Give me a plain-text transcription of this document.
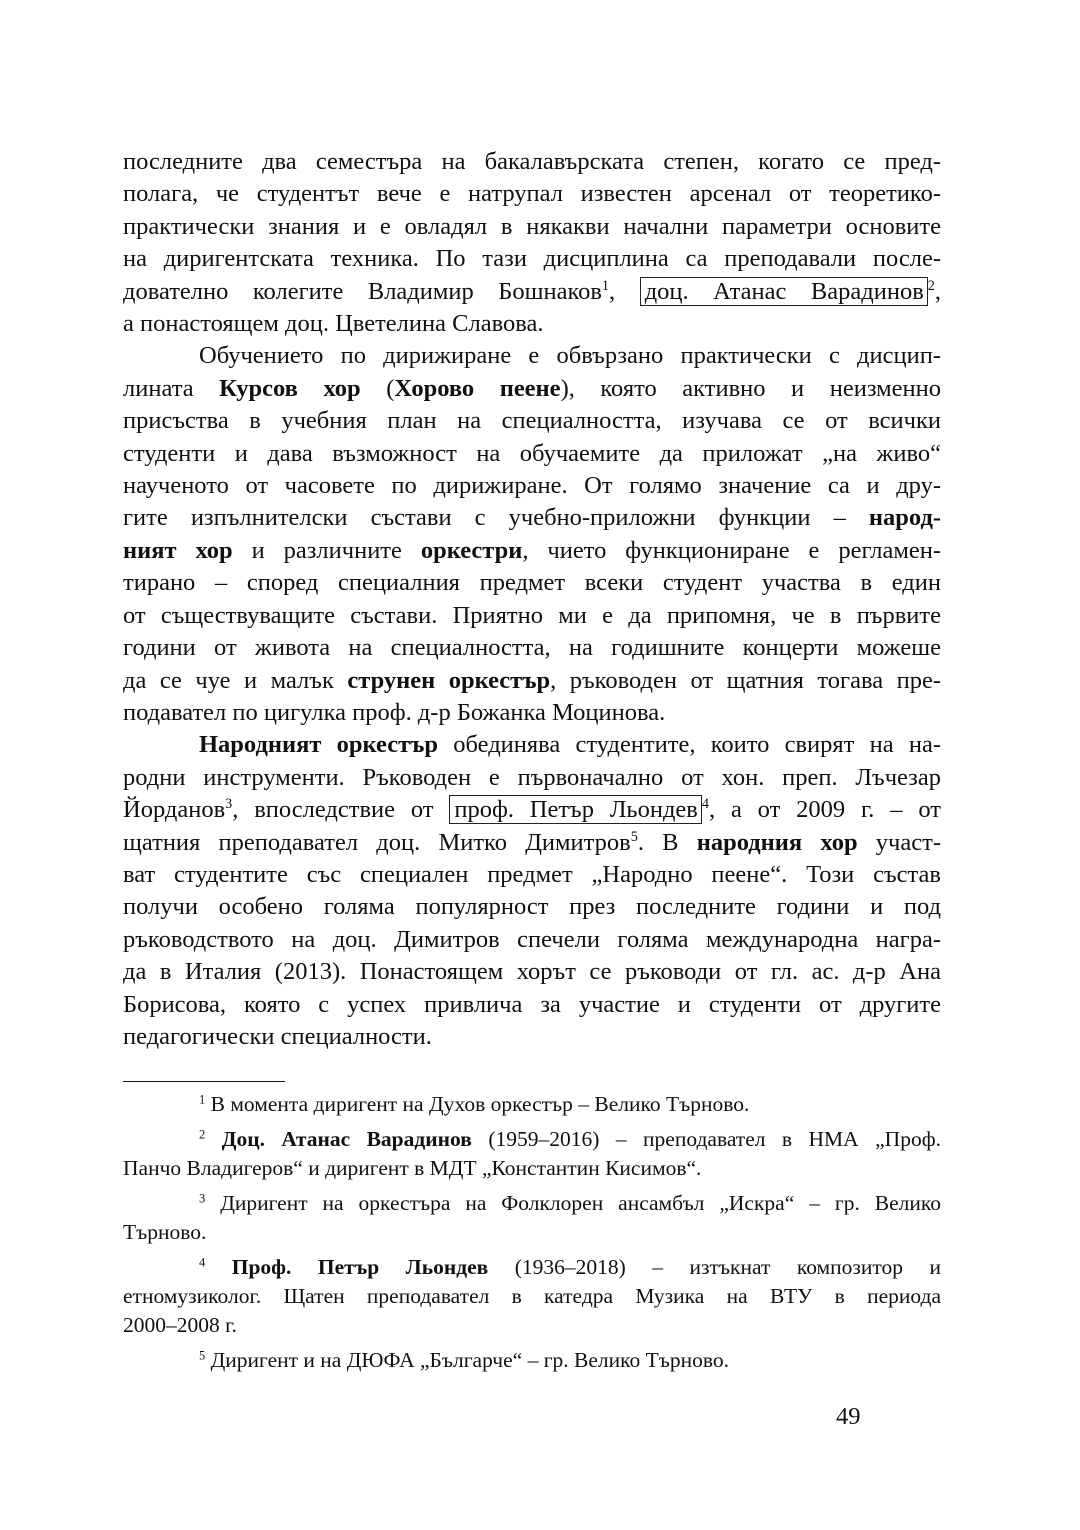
последните два семестъра на бакалавърската степен, когато се пред-
полага, че студентът вече е натрупал известен арсенал от теоретико-
практически знания и е овладял в някакви начални параметри основите
на диригентската техника. По тази дисциплина са преподавали после-
дователно колегите Владимир Бошнаков$^1$, доц. Атанас Варадинов $^2$,
а понастоящем доц. Цветелина Славова.
Обучението по дирижиране е обвързано практически с дисцип-
лината Курсов хор (Хорово пеене), която активно и неизменно
присъства в учебния план на специалността, изучава се от всички
студенти и дава възможност на обучаемите да приложат „на живо“
наученото от часовете по дирижиране. От голямо значение са и дру-
гите изпълнителски състави с учебно-приложни функции – народ-
ният хор и различните оркестри, чието функциониране е регламен-
тирано – според специалния предмет всеки студент участва в един
от съществуващите състави. Приятно ми е да припомня, че в първите
години от живота на специалността, на годишните концерти можеше
да се чуе и малък струнен оркестър, ръководен от щатния тогава пре-
подавател по цигулка проф. д-р Божанка Моцинова.
Народният оркестър обединява студентите, които свирят на на-
родни инструменти. Ръководен е първоначално от хон. преп. Лъчезар
Йорданов$^3$, впоследствие от проф. Петър Льондев $^4$, а от 2009 г. – от
щатния преподавател доц. Митко Димитров$^5$. В народния хор участ-
ват студентите със специален предмет „Народно пеене“. Този състав
получи особено голяма популярност през последните години и под
ръководството на доц. Димитров спечели голяма международна награ-
да в Италия (2013). Понастоящем хорът се ръководи от гл. ас. д-р Ана
Борисова, която с успех привлича за участие и студенти от другите
педагогически специалности.
$^1$ В момента диригент на Духов оркестър – Велико Търново.
$^2$ Доц. Атанас Варадинов (1959–2016) – преподавател в НМА „Проф.
Панчо Владигеров“ и диригент в МДТ „Константин Кисимов“.
$^3$ Диригент на оркестъра на Фолклорен ансамбъл „Искра“ – гр. Велико
Търново.
$^4$ Проф. Петър Льондев (1936–2018) – изтъкнат композитор и
етномузиколог. Щатен преподавател в катедра Музика на ВТУ в периода
2000–2008 г.
$^5$ Диригент и на ДЮФА „Българче“ – гр. Велико Търново.
49
